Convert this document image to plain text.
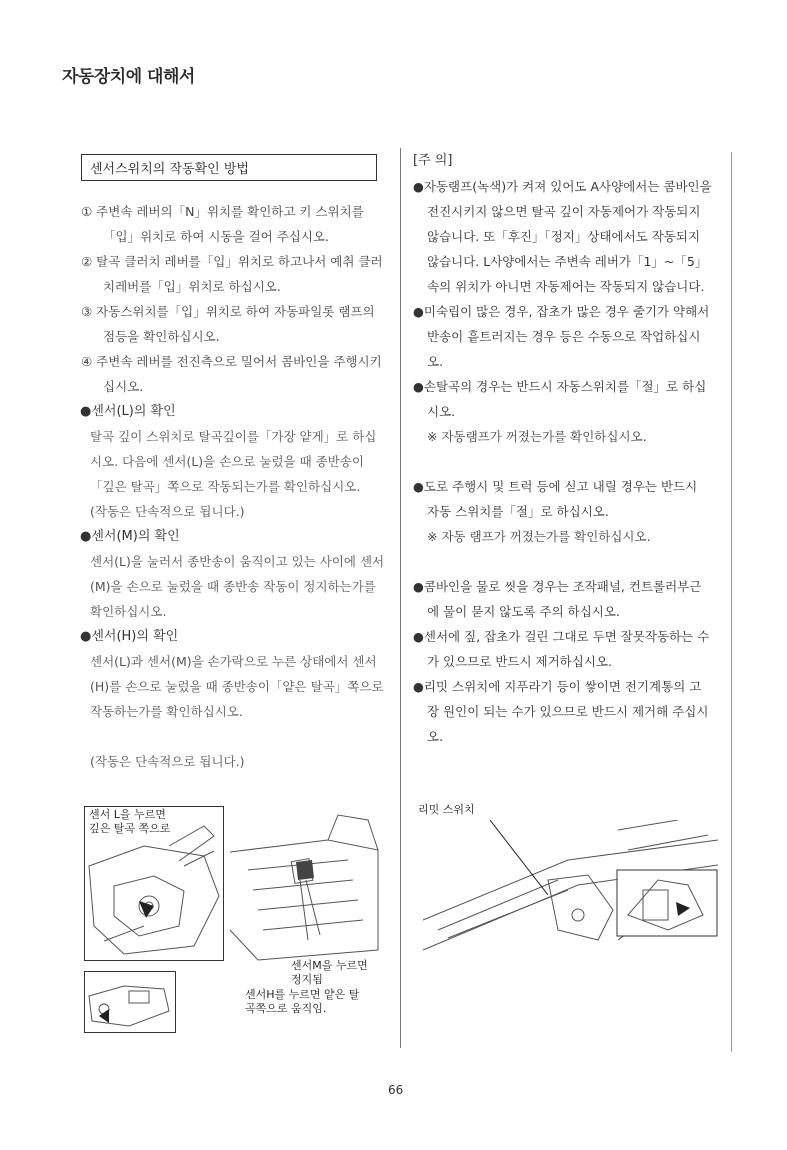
자동장치에 대해서
센서스위치의 작동확인 방법
① 주변속 레버의「N」위치를 확인하고 키 스위치를「입」위치로 하여 시동을 걸어 주십시오.
② 탈곡 클러치 레버를「입」위치로 하고나서 예취 클러치레버를「입」위치로 하십시오.
③ 자동스위치를「입」위치로 하여 자동파일롯 램프의 점등을 확인하십시오.
④ 주변속 레버를 전진측으로 밀어서 콤바인을 주행시키십시오.
●센서(L)의 확인
탈곡 깊이 스위치로 탈곡깊이를「가장 얕게」로 하십시오. 다음에 센서(L)을 손으로 눌렀을 때 종반송이「깊은 탈곡」쪽으로 작동되는가를 확인하십시오.
(작동은 단속적으로 됩니다.)
●센서(M)의 확인
센서(L)을 눌러서 종반송이 움직이고 있는 사이에 센서(M)을 손으로 눌렀을 때 종반송 작동이 정지하는가를 확인하십시오.
●센서(H)의 확인
센서(L)과 센서(M)을 손가락으로 누른 상태에서 센서(H)를 손으로 눌렀을 때 종반송이「얕은 탈곡」쪽으로 작동하는가를 확인하십시오.
(작동은 단속적으로 됩니다.)
[주 의]
●자동램프(녹색)가 켜져 있어도 A사양에서는 콤바인을 전진시키지 않으면 탈곡 깊이 자동제어가 작동되지 않습니다. 또「후진」「정지」상태에서도 작동되지 않습니다. L사양에서는 주변속 레버가「1」~「5」속의 위치가 아니면 자동제어는 작동되지 않습니다.
●미숙립이 많은 경우, 잡초가 많은 경우 줄기가 약해서 반송이 흩트러지는 경우 등은 수동으로 작업하십시오.
●손탈곡의 경우는 반드시 자동스위치를「절」로 하십시오.
※ 자동램프가 꺼졌는가를 확인하십시오.
●도로 주행시 및 트럭 등에 싣고 내릴 경우는 반드시 자동 스위치를「절」로 하십시오.
※ 자동 램프가 꺼졌는가를 확인하십시오.
●콤바인을 물로 씻을 경우는 조작패널, 컨트롤러부근에 물이 묻지 않도록 주의 하십시오.
●센서에 짚, 잡초가 걸린 그대로 두면 잘못작동하는 수가 있으므로 반드시 제거하십시오.
●리밋 스위치에 지푸라기 등이 쌓이면 전기계통의 고장 원인이 되는 수가 있으므로 반드시 제거해 주십시오.
센서 L을 누르면 깊은 탈곡 쪽으로
센서M을 누르면 정지됨
센서H를 누르면 얕은 탈곡쪽으로 움직임.
리밋 스위치
66
